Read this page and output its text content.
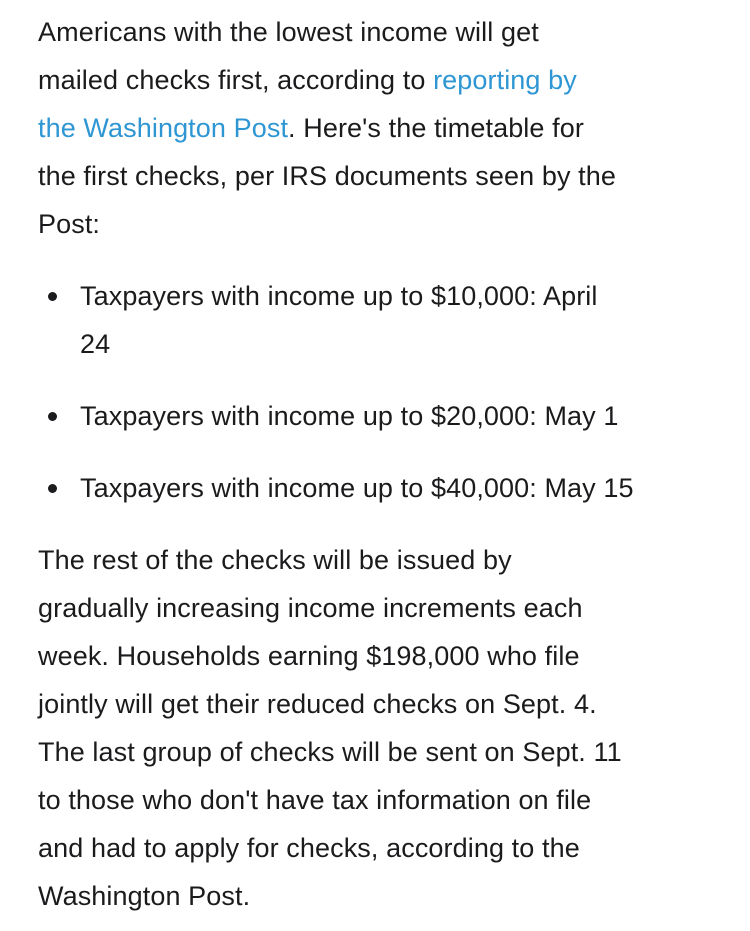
Americans with the lowest income will get
mailed checks first, according to reporting by
the Washington Post. Here's the timetable for
the first checks, per IRS documents seen by the
Post:

Taxpayers with income up to $10,000: April
24
Taxpayers with income up to $20,000: May 1
Taxpayers with income up to $40,000: May 15

The rest of the checks will be issued by
gradually increasing income increments each
week. Households earning $198,000 who file
jointly will get their reduced checks on Sept. 4.
The last group of checks will be sent on Sept. 11
to those who don't have tax information on file
and had to apply for checks, according to the
Washington Post.
